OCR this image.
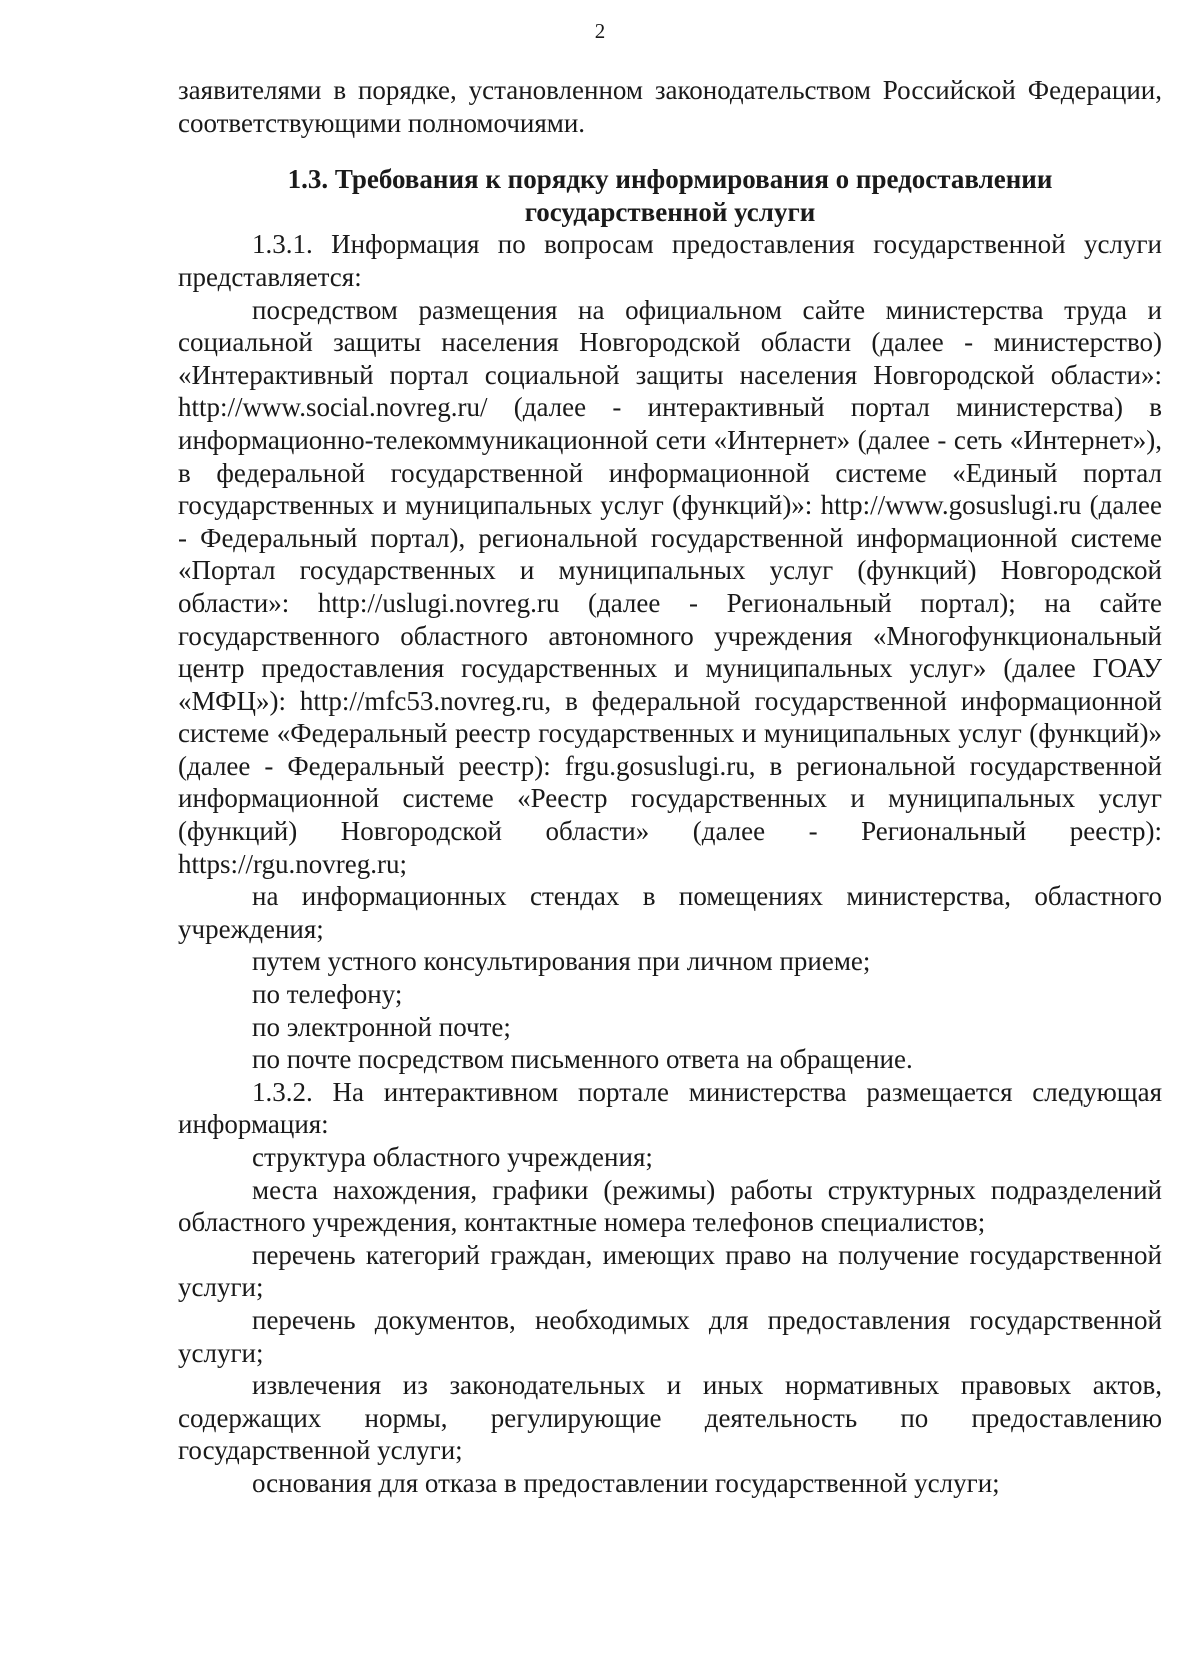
2

заявителями в порядке, установленном законодательством Российской Федерации, соответствующими полномочиями.

1.3. Требования к порядку информирования о предоставлении
государственной услуги

1.3.1. Информация по вопросам предоставления государственной услуги представляется:

посредством размещения на официальном сайте министерства труда и социальной защиты населения Новгородской области (далее - министерство) «Интерактивный портал социальной защиты населения Новгородской области»: http://www.social.novreg.ru/ (далее - интерактивный портал министерства) в информационно-телекоммуникационной сети «Интернет» (далее - сеть «Интернет»), в федеральной государственной информационной системе «Единый портал государственных и муниципальных услуг (функций)»: http://www.gosuslugi.ru (далее - Федеральный портал), региональной государственной информационной системе «Портал государственных и муниципальных услуг (функций) Новгородской области»: http://uslugi.novreg.ru (далее - Региональный портал); на сайте государственного областного автономного учреждения «Многофункциональный центр предоставления государственных и муниципальных услуг» (далее ГОАУ «МФЦ»): http://mfc53.novreg.ru, в федеральной государственной информационной системе «Федеральный реестр государственных и муниципальных услуг (функций)» (далее - Федеральный реестр): frgu.gosuslugi.ru, в региональной государственной информационной системе «Реестр государственных и муниципальных услуг (функций) Новгородской области» (далее - Региональный реестр): https://rgu.novreg.ru;

на информационных стендах в помещениях министерства, областного учреждения;

путем устного консультирования при личном приеме;

по телефону;

по электронной почте;

по почте посредством письменного ответа на обращение.

1.3.2. На интерактивном портале министерства размещается следующая информация:

структура областного учреждения;

места нахождения, графики (режимы) работы структурных подразделений областного учреждения, контактные номера телефонов специалистов;

перечень категорий граждан, имеющих право на получение государственной услуги;

перечень документов, необходимых для предоставления государственной услуги;

извлечения из законодательных и иных нормативных правовых актов, содержащих нормы, регулирующие деятельность по предоставлению государственной услуги;

основания для отказа в предоставлении государственной услуги;
